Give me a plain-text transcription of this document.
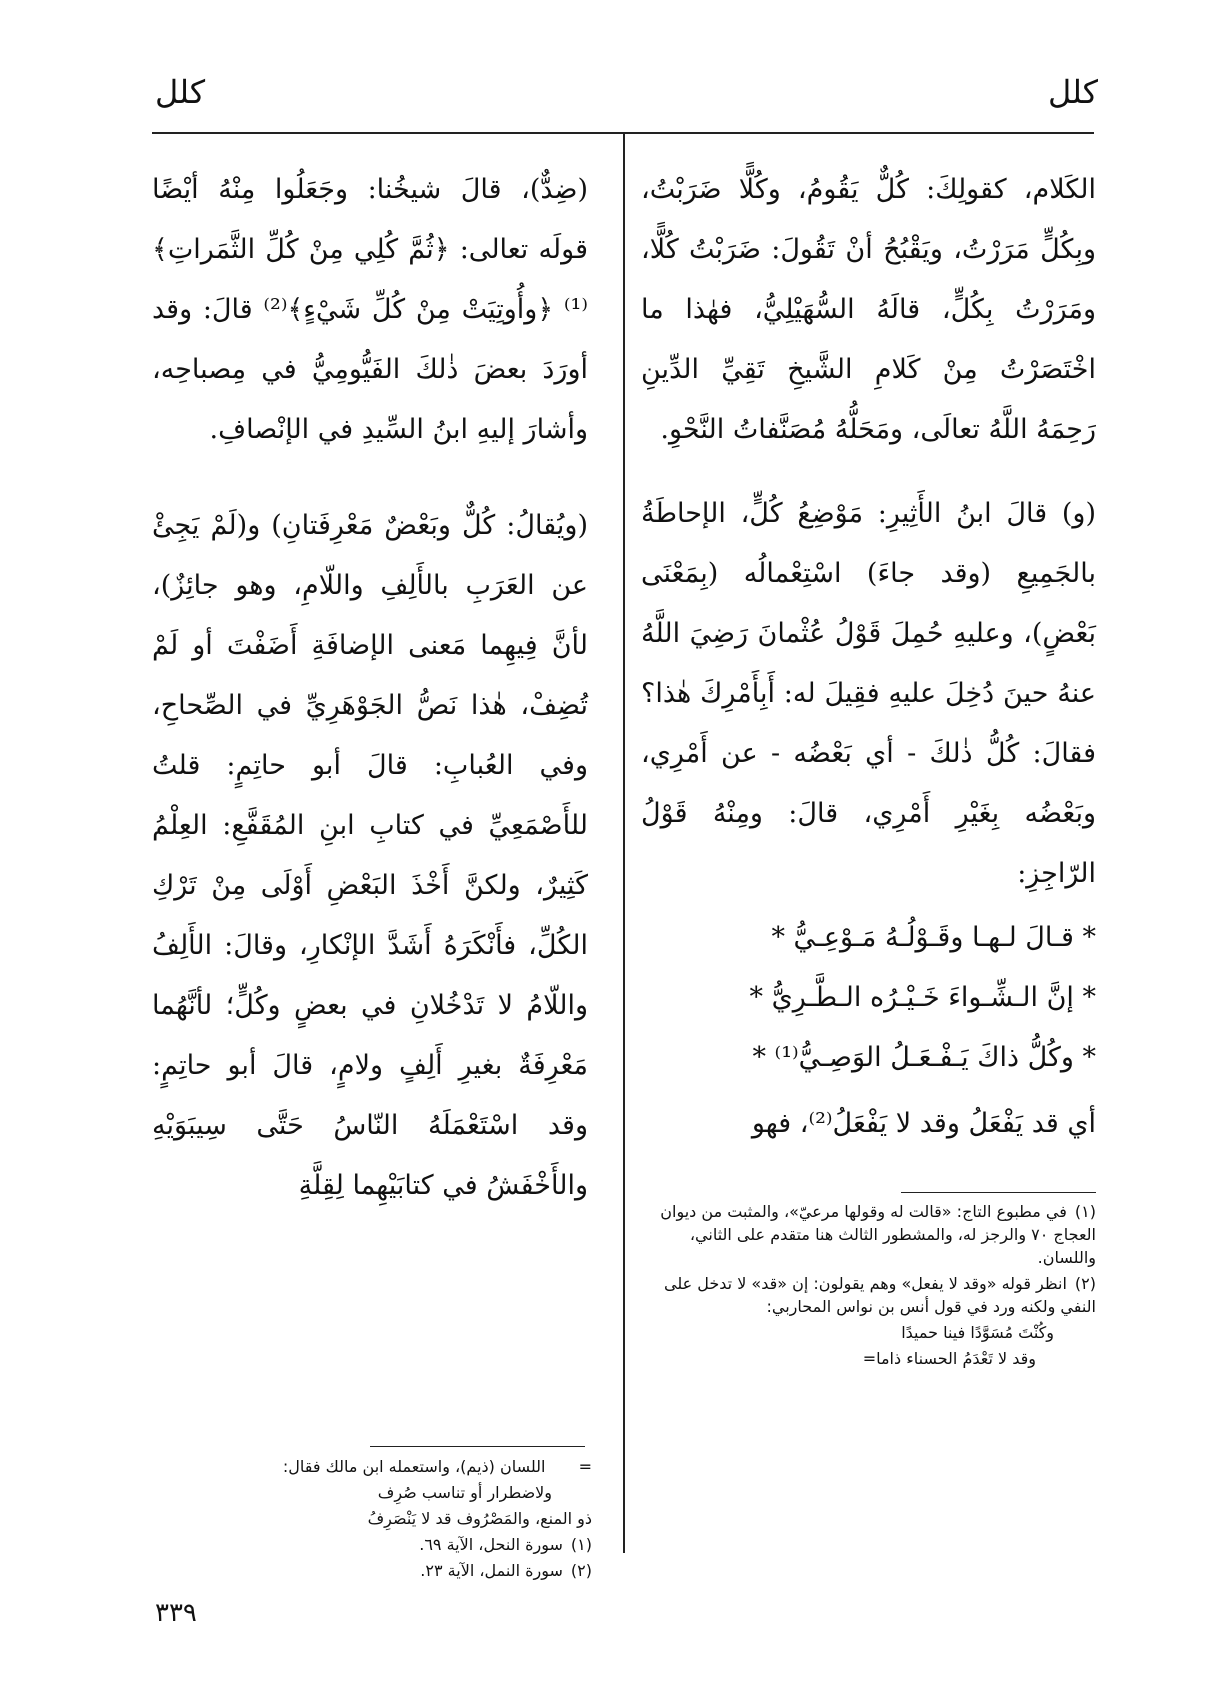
كلل
كلل

الكَلام، كقولِكَ: كُلٌّ يَقُومُ، وكُلًّا ضَرَبْتُ، وبِكُلٍّ مَرَرْتُ، ويَقْبُحُ أنْ تَقُولَ: ضَرَبْتُ كُلًّا، ومَرَرْتُ بِكُلٍّ، قالَهُ السُّهَيْلِيُّ، فهٰذا ما اخْتَصَرْتُ مِنْ كَلامِ الشَّيخِ تَقِيِّ الدِّينِ رَحِمَهُ اللَّهُ تعالَى، ومَحَلُّهُ مُصَنَّفاتُ النَّحْوِ.

(و) قالَ ابنُ الأَثِيرِ: مَوْضِعُ كُلٍّ، الإحاطَةُ بالجَمِيعِ (وقد جاءَ) اسْتِعْمالُه (بِمَعْنَى بَعْضٍ)، وعليهِ حُمِلَ قَوْلُ عُثْمانَ رَضِيَ اللَّهُ عنهُ حينَ دُخِلَ عليهِ فقِيلَ له: أَبِأَمْرِكَ هٰذا؟ فقالَ: كُلُّ ذٰلكَ - أي بَعْضُه - عن أَمْرِي، وبَعْضُه بِغَيْرِ أَمْرِي، قالَ: ومِنْهُ قَوْلُ الرّاجِزِ:

* قـالَ لـهـا وقَـوْلُـهُ مَـوْعِـيُّ *

* إنَّ الـشِّـواءَ خَـيْـرُه الـطَّـرِيُّ *

* وكُلُّ ذاكَ يَـفْـعَـلُ الوَصِـيُّ⁽¹⁾ *

أي قد يَفْعَلُ وقد لا يَفْعَلُ⁽²⁾، فهو

(ضِدٌّ)، قالَ شيخُنا: وجَعَلُوا مِنْهُ أيْضًا قولَه تعالى: ﴿ثُمَّ كُلِي مِنْ كُلِّ الثَّمَراتِ﴾⁽¹⁾ ﴿وأُوتِيَتْ مِنْ كُلِّ شَيْءٍ﴾⁽²⁾ قالَ: وقد أورَدَ بعضَ ذٰلكَ الفَيُّومِيُّ في مِصباحِه، وأشارَ إليهِ ابنُ السِّيدِ في الإنْصافِ.

(ويُقالُ: كُلٌّ وبَعْضٌ مَعْرِفَتانِ) و(لَمْ يَجِئْ عن العَرَبِ بالأَلِفِ واللّامِ، وهو جائِزٌ)، لأنَّ فِيهِما مَعنى الإضافَةِ أَضَفْتَ أو لَمْ تُضِفْ، هٰذا نَصُّ الجَوْهَرِيِّ في الصِّحاحِ، وفي العُبابِ: قالَ أبو حاتِمٍ: قلتُ للأَصْمَعِيِّ في كتابِ ابنِ المُقَفَّعِ: العِلْمُ كَثِيرٌ، ولكنَّ أَخْذَ البَعْضِ أَوْلَى مِنْ تَرْكِ الكُلِّ، فأَنْكَرَهُ أَشَدَّ الإنْكارِ، وقالَ: الأَلِفُ واللّامُ لا تَدْخُلانِ في بعضٍ وكُلٍّ؛ لأنَّهُما مَعْرِفَةٌ بغيرِ أَلِفٍ ولامٍ، قالَ أبو حاتِمٍ: وقد اسْتَعْمَلَهُ النّاسُ حَتَّى سِيبَوَيْهِ والأَخْفَشُ في كتابَيْهِما لِقِلَّةِ

(١)في مطبوع التاج: «قالت له وقولها مرعيّ»، والمثبت من ديوان العجاج ٧٠ والرجز له، والمشطور الثالث هنا متقدم على الثاني، واللسان.

(٢)انظر قوله «وقد لا يفعل» وهم يقولون: إن «قد» لا تدخل على النفي ولكنه ورد في قول أنس بن نواس المحاربي:

وكُنْتَ مُسَوَّدًا فينا حميدًا

وقد لا تَعْدَمُ الحسناء ذاما=

= اللسان (ذيم)، واستعمله ابن مالك فقال:

ولاضطرار أو تناسب صُرِف

ذو المنع، والمَصْرُوف قد لا يَنْصَرِفُ

(١)سورة النحل، الآية ٦٩.

(٢)سورة النمل، الآية ٢٣.

٣٣٩
